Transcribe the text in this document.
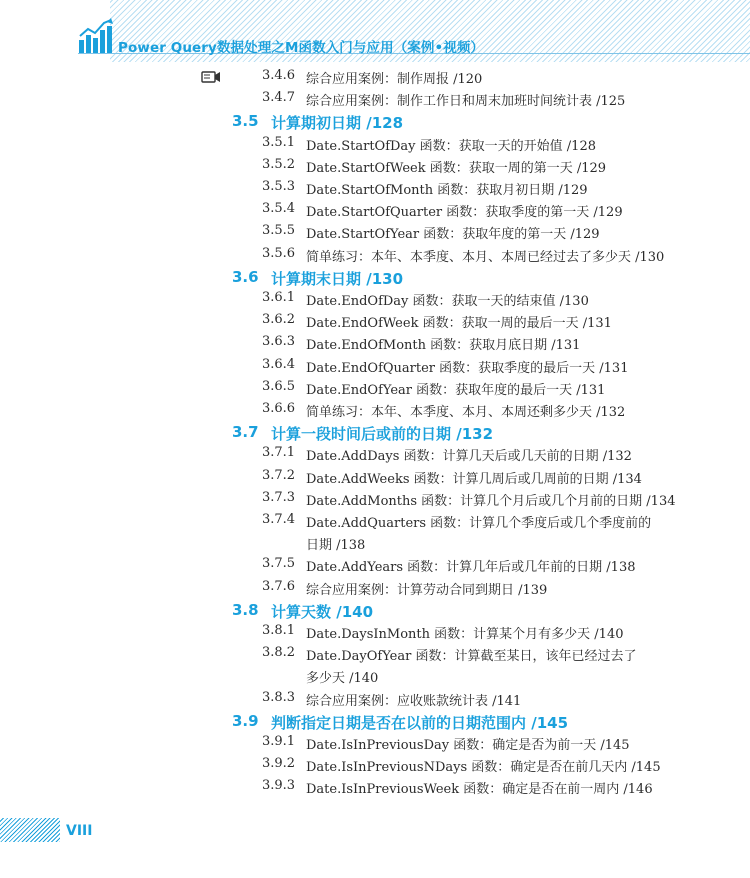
Power Query数据处理之M函数入门与应用（案例•视频）
3.4.6 综合应用案例：制作周报 /120
3.4.7 综合应用案例：制作工作日和周末加班时间统计表 /125
3.5 计算期初日期 /128
3.5.1 Date.StartOfDay 函数：获取一天的开始值 /128
3.5.2 Date.StartOfWeek 函数：获取一周的第一天 /129
3.5.3 Date.StartOfMonth 函数：获取月初日期 /129
3.5.4 Date.StartOfQuarter 函数：获取季度的第一天 /129
3.5.5 Date.StartOfYear 函数：获取年度的第一天 /129
3.5.6 简单练习：本年、本季度、本月、本周已经过去了多少天 /130
3.6 计算期末日期 /130
3.6.1 Date.EndOfDay 函数：获取一天的结束值 /130
3.6.2 Date.EndOfWeek 函数：获取一周的最后一天 /131
3.6.3 Date.EndOfMonth 函数：获取月底日期 /131
3.6.4 Date.EndOfQuarter 函数：获取季度的最后一天 /131
3.6.5 Date.EndOfYear 函数：获取年度的最后一天 /131
3.6.6 简单练习：本年、本季度、本月、本周还剩多少天 /132
3.7 计算一段时间后或前的日期 /132
3.7.1 Date.AddDays 函数：计算几天后或几天前的日期 /132
3.7.2 Date.AddWeeks 函数：计算几周后或几周前的日期 /134
3.7.3 Date.AddMonths 函数：计算几个月后或几个月前的日期 /134
3.7.4 Date.AddQuarters 函数：计算几个季度后或几个季度前的
日期 /138
3.7.5 Date.AddYears 函数：计算几年后或几年前的日期 /138
3.7.6 综合应用案例：计算劳动合同到期日 /139
3.8 计算天数 /140
3.8.1 Date.DaysInMonth 函数：计算某个月有多少天 /140
3.8.2 Date.DayOfYear 函数：计算截至某日，该年已经过去了
多少天 /140
3.8.3 综合应用案例：应收账款统计表 /141
3.9 判断指定日期是否在以前的日期范围内 /145
3.9.1 Date.IsInPreviousDay 函数：确定是否为前一天 /145
3.9.2 Date.IsInPreviousNDays 函数：确定是否在前几天内 /145
3.9.3 Date.IsInPreviousWeek 函数：确定是否在前一周内 /146
VIII
